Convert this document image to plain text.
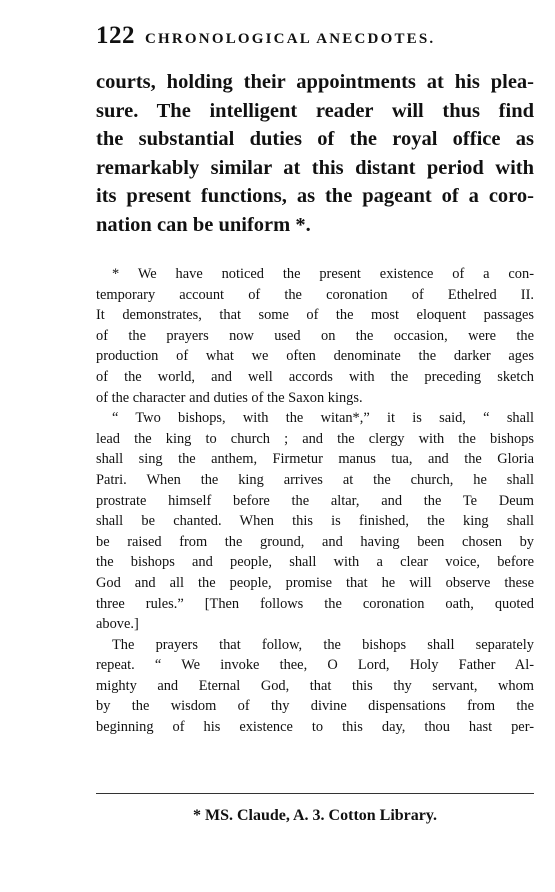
122 CHRONOLOGICAL ANECDOTES.
courts, holding their appointments at his plea-
sure. The intelligent reader will thus find
the substantial duties of the royal office as
remarkably similar at this distant period with
its present functions, as the pageant of a coro-
nation can be uniform *.
* We have noticed the present existence of a con-
temporary account of the coronation of Ethelred II.
It demonstrates, that some of the most eloquent passages
of the prayers now used on the occasion, were the
production of what we often denominate the darker ages
of the world, and well accords with the preceding sketch
of the character and duties of the Saxon kings.
“ Two bishops, with the witan*,” it is said, “ shall
lead the king to church ; and the clergy with the bishops
shall sing the anthem, Firmetur manus tua, and the Gloria
Patri. When the king arrives at the church, he shall
prostrate himself before the altar, and the Te Deum
shall be chanted. When this is finished, the king shall
be raised from the ground, and having been chosen by
the bishops and people, shall with a clear voice, before
God and all the people, promise that he will observe these
three rules.” [Then follows the coronation oath, quoted
above.]
The prayers that follow, the bishops shall separately
repeat. “ We invoke thee, O Lord, Holy Father Al-
mighty and Eternal God, that this thy servant, whom
by the wisdom of thy divine dispensations from the
beginning of his existence to this day, thou hast per-
* MS. Claude, A. 3. Cotton Library.
